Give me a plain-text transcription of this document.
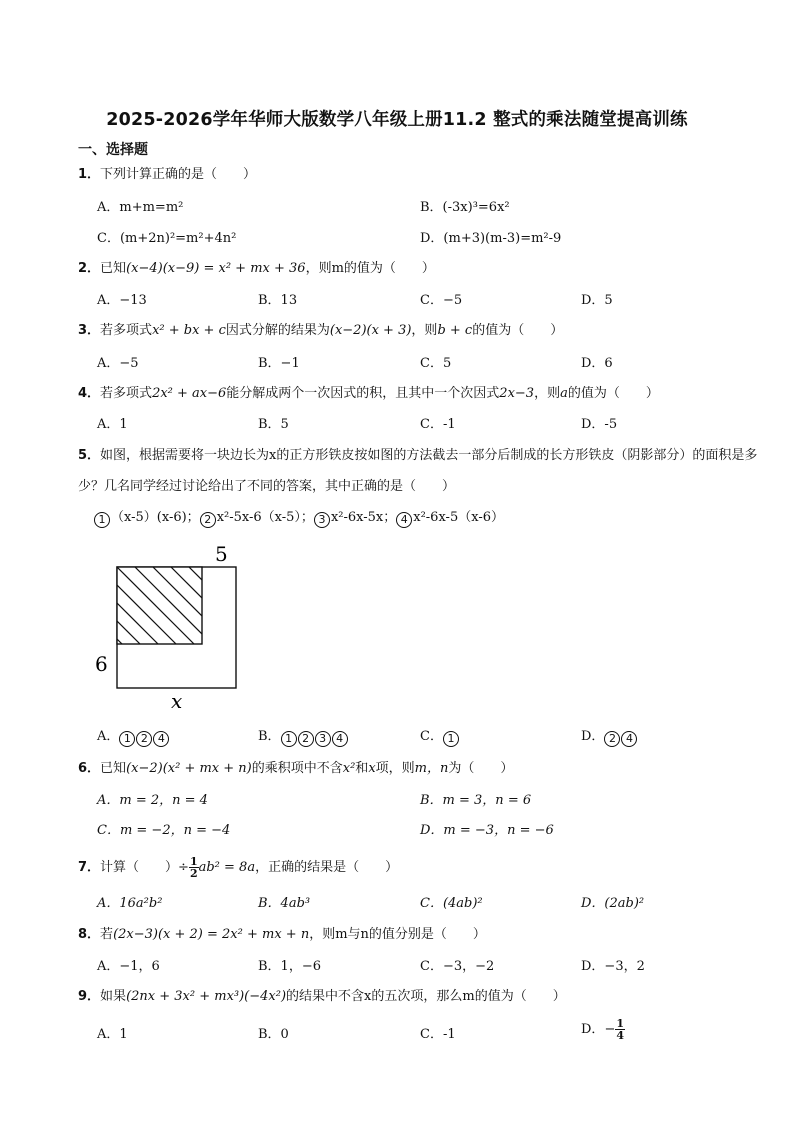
2025-2026学年华师大版数学八年级上册11.2 整式的乘法随堂提高训练
一、选择题
1．下列计算正确的是（　　）
A．m+m=m²	B．(-3x)³=6x²
C．(m+2n)²=m²+4n²	D．(m+3)(m-3)=m²-9
2．已知(x−4)(x−9) = x² + mx + 36，则m的值为（　　）
A．−13	B．13	C．−5	D．5
3．若多项式x² + bx + c因式分解的结果为(x−2)(x + 3)，则b + c的值为（　　）
A．−5	B．−1	C．5	D．6
4．若多项式2x² + ax−6能分解成两个一次因式的积，且其中一个次因式2x−3，则a的值为（　　）
A．1	B．5	C．-1	D．-5
5．如图，根据需要将一块边长为x的正方形铁皮按如图的方法截去一部分后制成的长方形铁皮（阴影部分）的面积是多少？几名同学经过讨论给出了不同的答案，其中正确的是（　　）
1 （x-5）(x-6)； 2 x²-5x-6（x-5）； 3 x²-6x-5x； 4 x²-6x-5（x-6）
5
6
x
A． 1 2 4	B． 1 2 3 4	C． 1	D． 2 4
6．已知(x−2)(x² + mx + n)的乘积项中不含x²和x项，则m，n为（　　）
A．m = 2，n = 4	B．m = 3，n = 6
C．m = −2，n = −4	D．m = −3，n = −6
7．计算（　　）÷ $\frac{1}{2} ab^2 = 8a$，正确的结果是（　　）
A．16a²b²	B．4ab³	C．(4ab)²	D．(2ab)²
8．若(2x−3)(x + 2) = 2x² + mx + n，则m与n的值分别是（　　）
A．−1，6	B．1，−6	C．−3，−2	D．−3，2
9．如果(2nx + 3x² + mx³)(−4x²)的结果中不含x的五次项，那么m的值为（　　）
A．1	B．0	C．-1	D．− $\frac{1}{4}$
